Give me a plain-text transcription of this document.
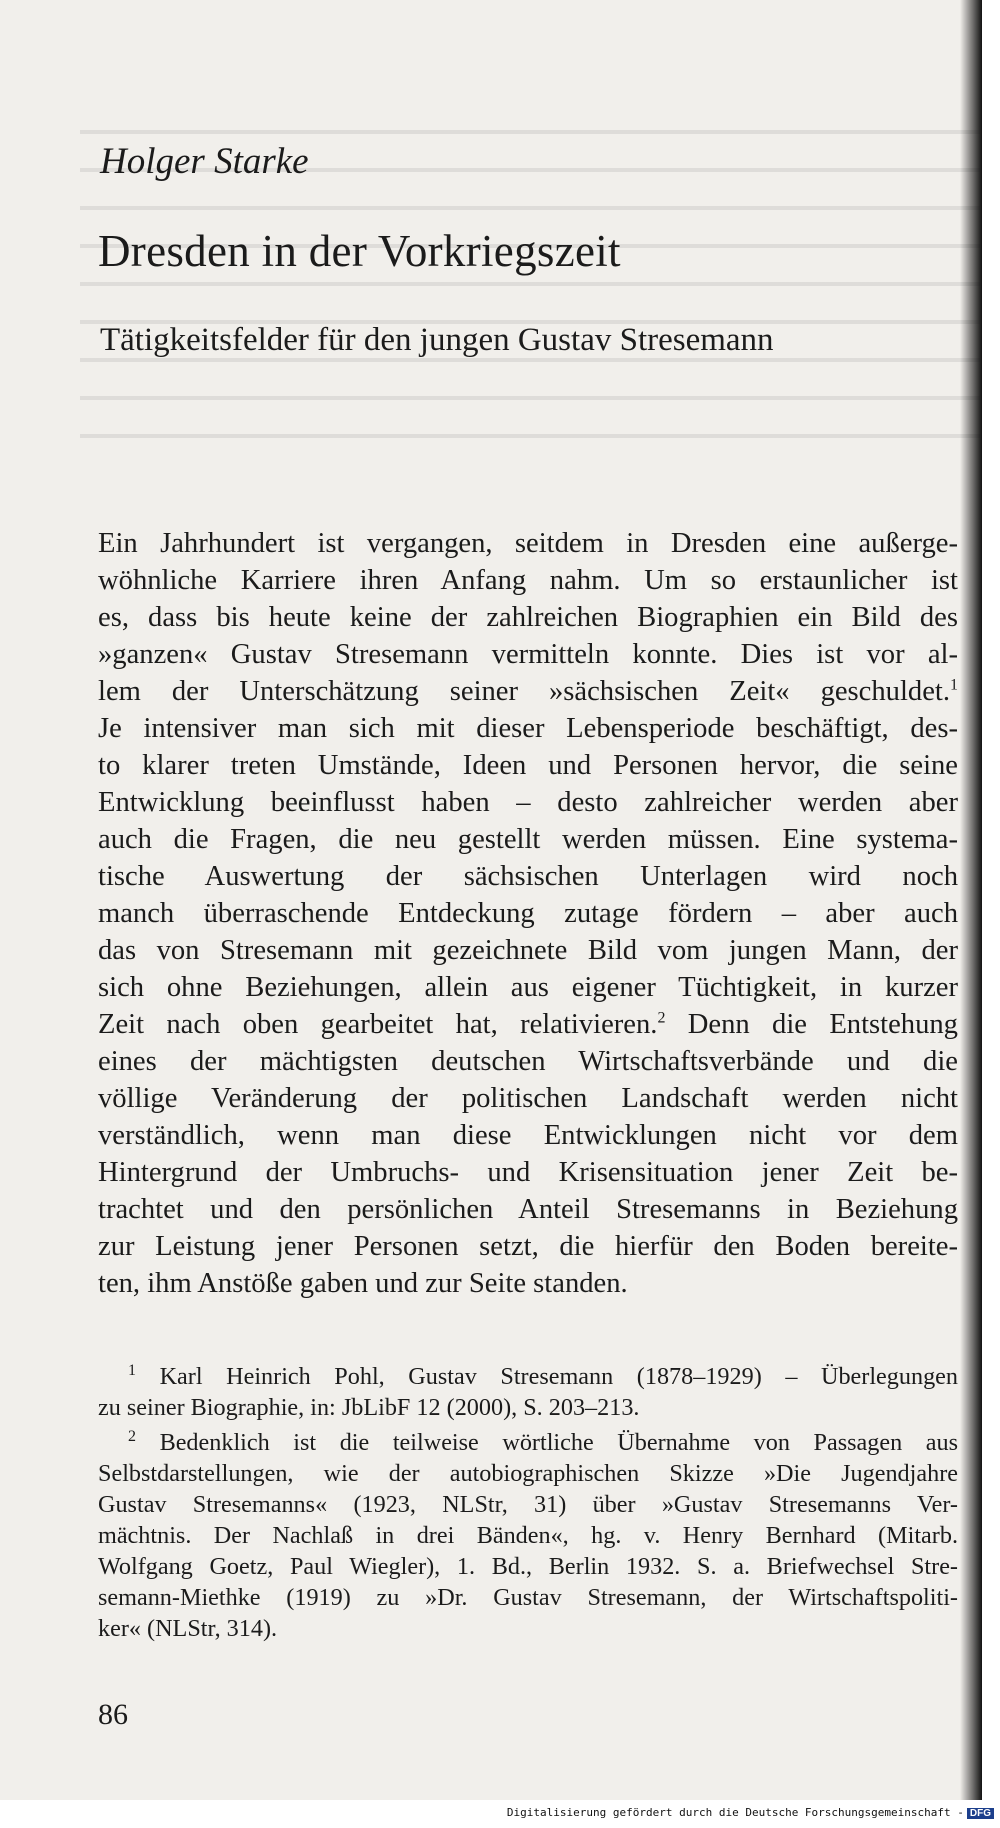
Holger Starke
Dresden in der Vorkriegszeit
Tätigkeitsfelder für den jungen Gustav Stresemann
Ein Jahrhundert ist vergangen, seitdem in Dresden eine außerge-
wöhnliche Karriere ihren Anfang nahm. Um so erstaunlicher ist
es, dass bis heute keine der zahlreichen Biographien ein Bild des
»ganzen« Gustav Stresemann vermitteln konnte. Dies ist vor al-
lem der Unterschätzung seiner »sächsischen Zeit« geschuldet.$^1$
Je intensiver man sich mit dieser Lebensperiode beschäftigt, des-
to klarer treten Umstände, Ideen und Personen hervor, die seine
Entwicklung beeinflusst haben – desto zahlreicher werden aber
auch die Fragen, die neu gestellt werden müssen. Eine systema-
tische Auswertung der sächsischen Unterlagen wird noch
manch überraschende Entdeckung zutage fördern – aber auch
das von Stresemann mit gezeichnete Bild vom jungen Mann, der
sich ohne Beziehungen, allein aus eigener Tüchtigkeit, in kurzer
Zeit nach oben gearbeitet hat, relativieren.$^2$ Denn die Entstehung
eines der mächtigsten deutschen Wirtschaftsverbände und die
völlige Veränderung der politischen Landschaft werden nicht
verständlich, wenn man diese Entwicklungen nicht vor dem
Hintergrund der Umbruchs- und Krisensituation jener Zeit be-
trachtet und den persönlichen Anteil Stresemanns in Beziehung
zur Leistung jener Personen setzt, die hierfür den Boden bereite-
ten, ihm Anstöße gaben und zur Seite standen.
$^1$ Karl Heinrich Pohl, Gustav Stresemann (1878–1929) – Überlegungen
zu seiner Biographie, in: JbLibF 12 (2000), S. 203–213.
$^2$ Bedenklich ist die teilweise wörtliche Übernahme von Passagen aus
Selbstdarstellungen, wie der autobiographischen Skizze »Die Jugendjahre
Gustav Stresemanns« (1923, NLStr, 31) über »Gustav Stresemanns Ver-
mächtnis. Der Nachlaß in drei Bänden«, hg. v. Henry Bernhard (Mitarb.
Wolfgang Goetz, Paul Wiegler), 1. Bd., Berlin 1932. S. a. Briefwechsel Stre-
semann-Miethke (1919) zu »Dr. Gustav Stresemann, der Wirtschaftspoliti-
ker« (NLStr, 314).
86
Digitalisierung gefördert durch die Deutsche Forschungsgemeinschaft - DFG
